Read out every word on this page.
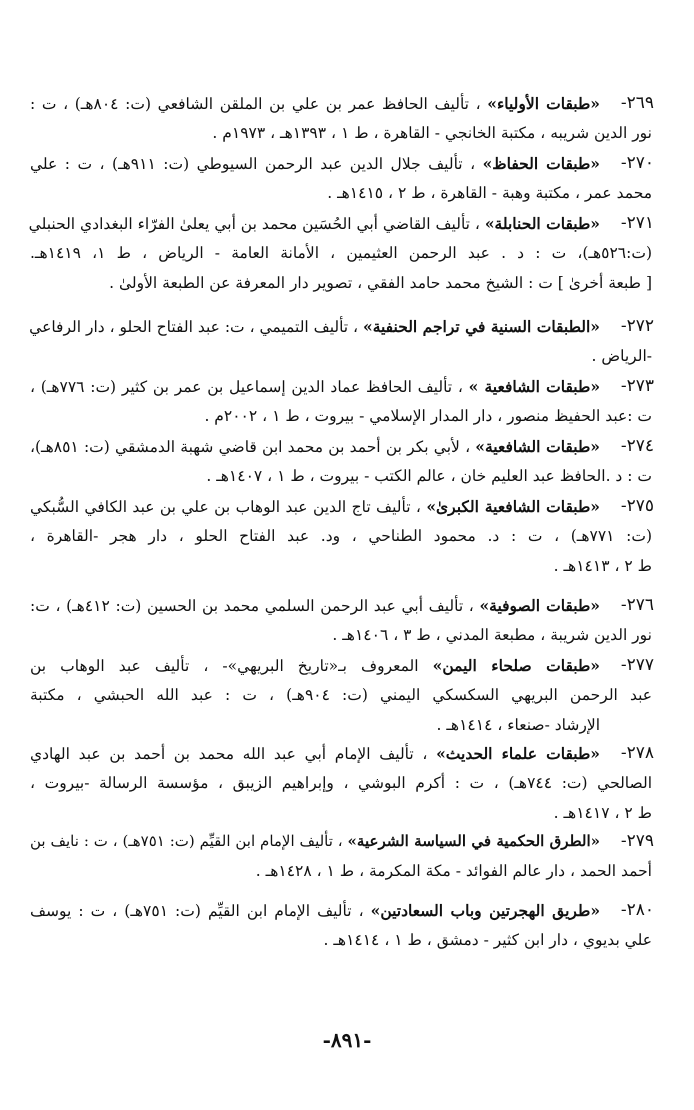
٢٦٩-
«طبقات الأولياء» ، تأليف الحافظ عمر بن علي بن الملقن الشافعي (ت: ٨٠٤هـ) ، ت :
نور الدين شريبه ، مكتبة الخانجي - القاهرة ، ط ١ ، ١٣٩٣هـ ، ١٩٧٣م .
٢٧٠-
«طبقات الحفاظ» ، تأليف جلال الدين عبد الرحمن السيوطي (ت: ٩١١هـ) ، ت : علي
محمد عمر ، مكتبة وهبة - القاهرة ، ط ٢ ، ١٤١٥هـ .
٢٧١-
«طبقات الحنابلة» ، تأليف القاضي أبي الحُسَين محمد بن أبي يعلىٰ الفرّاء البغدادي الحنبلي
(ت:٥٢٦هـ)، ت : د . عبد الرحمن العثيمين ، الأمانة العامة - الرياض ، ط ١، ١٤١٩هـ.
[ طبعة أخرىٰ ] ت : الشيخ محمد حامد الفقي ، تصوير دار المعرفة عن الطبعة الأولىٰ .
٢٧٢-
«الطبقات السنية في تراجم الحنفية» ، تأليف التميمي ، ت: عبد الفتاح الحلو ، دار الرفاعي
-الرياض .
٢٧٣-
«طبقات الشافعية » ، تأليف الحافظ عماد الدين إسماعيل بن عمر بن كثير (ت: ٧٧٦هـ) ،
ت :عبد الحفيظ منصور ، دار المدار الإسلامي - بيروت ، ط ١ ، ٢٠٠٢م .
٢٧٤-
«طبقات الشافعية» ، لأبي بكر بن أحمد بن محمد ابن قاضي شهبة الدمشقي (ت: ٨٥١هـ)،
ت : د .الحافظ عبد العليم خان ، عالم الكتب - بيروت ، ط ١ ، ١٤٠٧هـ .
٢٧٥-
«طبقات الشافعية الكبرىٰ» ، تأليف تاج الدين عبد الوهاب بن علي بن عبد الكافي السُّبكي
(ت: ٧٧١هـ) ، ت : د. محمود الطناحي ، ود. عبد الفتاح الحلو ، دار هجر -القاهرة ،
ط ٢ ، ١٤١٣هـ .
٢٧٦-
«طبقات الصوفية» ، تأليف أبي عبد الرحمن السلمي محمد بن الحسين (ت: ٤١٢هـ) ، ت:
نور الدين شريبة ، مطبعة المدني ، ط ٣ ، ١٤٠٦هـ .
٢٧٧-
«طبقات صلحاء اليمن» المعروف بـ«تاريخ البريهي»- ، تأليف عبد الوهاب بن
عبد الرحمن البريهي السكسكي اليمني (ت: ٩٠٤هـ) ، ت : عبد الله الحبشي ، مكتبة
الإرشاد -صنعاء ، ١٤١٤هـ .
٢٧٨-
«طبقات علماء الحديث» ، تأليف الإمام أبي عبد الله محمد بن أحمد بن عبد الهادي
الصالحي (ت: ٧٤٤هـ) ، ت : أكرم البوشي ، وإبراهيم الزيبق ، مؤسسة الرسالة -بيروت ،
ط ٢ ، ١٤١٧هـ .
٢٧٩-
«الطرق الحكمية في السياسة الشرعية» ، تأليف الإمام ابن القيِّم (ت: ٧٥١هـ) ، ت : نايف بن
أحمد الحمد ، دار عالم الفوائد - مكة المكرمة ، ط ١ ، ١٤٢٨هـ .
٢٨٠-
«طريق الهجرتين وباب السعادتين» ، تأليف الإمام ابن القيِّم (ت: ٧٥١هـ) ، ت : يوسف
علي بديوي ، دار ابن كثير - دمشق ، ط ١ ، ١٤١٤هـ .
-٨٩١-
